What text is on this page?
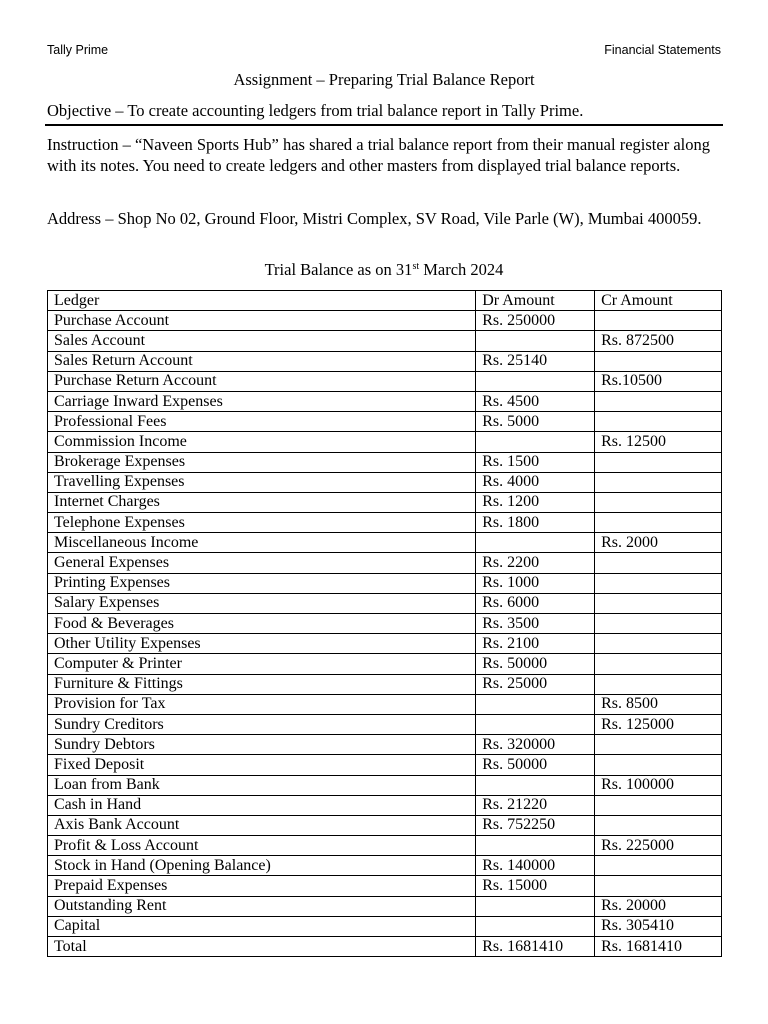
Tally Prime	Financial Statements
Assignment – Preparing Trial Balance Report
Objective – To create accounting ledgers from trial balance report in Tally Prime.
Instruction – “Naveen Sports Hub” has shared a trial balance report from their manual register along with its notes. You need to create ledgers and other masters from displayed trial balance reports.
Address – Shop No 02, Ground Floor, Mistri Complex, SV Road, Vile Parle (W), Mumbai 400059.
Trial Balance as on 31st March 2024
Ledger	Dr Amount	Cr Amount
Purchase Account	Rs. 250000	
Sales Account		Rs. 872500
Sales Return Account	Rs. 25140	
Purchase Return Account		Rs.10500
Carriage Inward Expenses	Rs. 4500	
Professional Fees	Rs. 5000	
Commission Income		Rs. 12500
Brokerage Expenses	Rs. 1500	
Travelling Expenses	Rs. 4000	
Internet Charges	Rs. 1200	
Telephone Expenses	Rs. 1800	
Miscellaneous Income		Rs. 2000
General Expenses	Rs. 2200	
Printing Expenses	Rs. 1000	
Salary Expenses	Rs. 6000	
Food & Beverages	Rs. 3500	
Other Utility Expenses	Rs. 2100	
Computer & Printer	Rs. 50000	
Furniture & Fittings	Rs. 25000	
Provision for Tax		Rs. 8500
Sundry Creditors		Rs. 125000
Sundry Debtors	Rs. 320000	
Fixed Deposit	Rs. 50000	
Loan from Bank		Rs. 100000
Cash in Hand	Rs. 21220	
Axis Bank Account	Rs. 752250	
Profit & Loss Account		Rs. 225000
Stock in Hand (Opening Balance)	Rs. 140000	
Prepaid Expenses	Rs. 15000	
Outstanding Rent		Rs. 20000
Capital		Rs. 305410
Total	Rs. 1681410	Rs. 1681410
